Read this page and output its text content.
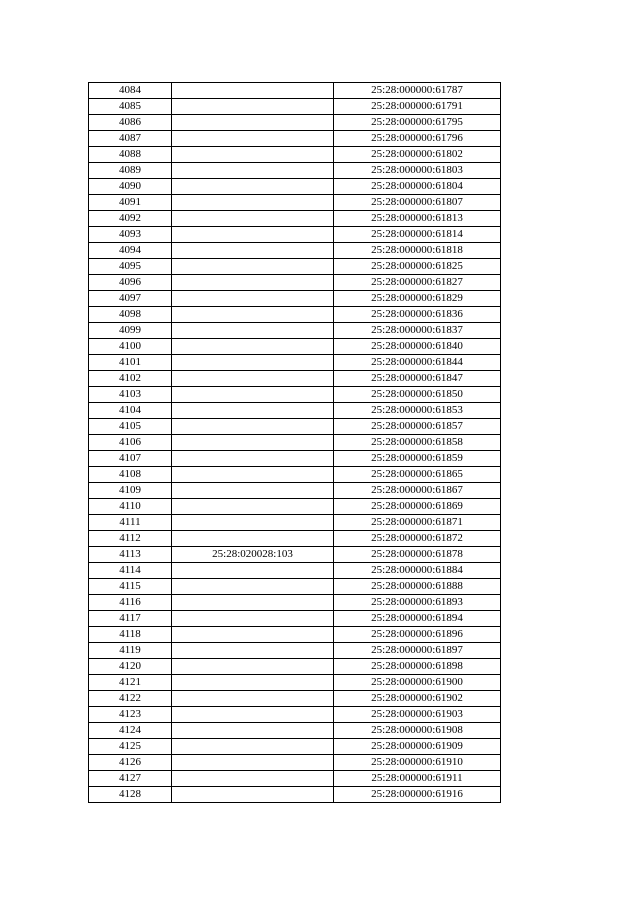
4084		25:28:000000:61787
4085		25:28:000000:61791
4086		25:28:000000:61795
4087		25:28:000000:61796
4088		25:28:000000:61802
4089		25:28:000000:61803
4090		25:28:000000:61804
4091		25:28:000000:61807
4092		25:28:000000:61813
4093		25:28:000000:61814
4094		25:28:000000:61818
4095		25:28:000000:61825
4096		25:28:000000:61827
4097		25:28:000000:61829
4098		25:28:000000:61836
4099		25:28:000000:61837
4100		25:28:000000:61840
4101		25:28:000000:61844
4102		25:28:000000:61847
4103		25:28:000000:61850
4104		25:28:000000:61853
4105		25:28:000000:61857
4106		25:28:000000:61858
4107		25:28:000000:61859
4108		25:28:000000:61865
4109		25:28:000000:61867
4110		25:28:000000:61869
4111		25:28:000000:61871
4112		25:28:000000:61872
4113	25:28:020028:103	25:28:000000:61878
4114		25:28:000000:61884
4115		25:28:000000:61888
4116		25:28:000000:61893
4117		25:28:000000:61894
4118		25:28:000000:61896
4119		25:28:000000:61897
4120		25:28:000000:61898
4121		25:28:000000:61900
4122		25:28:000000:61902
4123		25:28:000000:61903
4124		25:28:000000:61908
4125		25:28:000000:61909
4126		25:28:000000:61910
4127		25:28:000000:61911
4128		25:28:000000:61916
